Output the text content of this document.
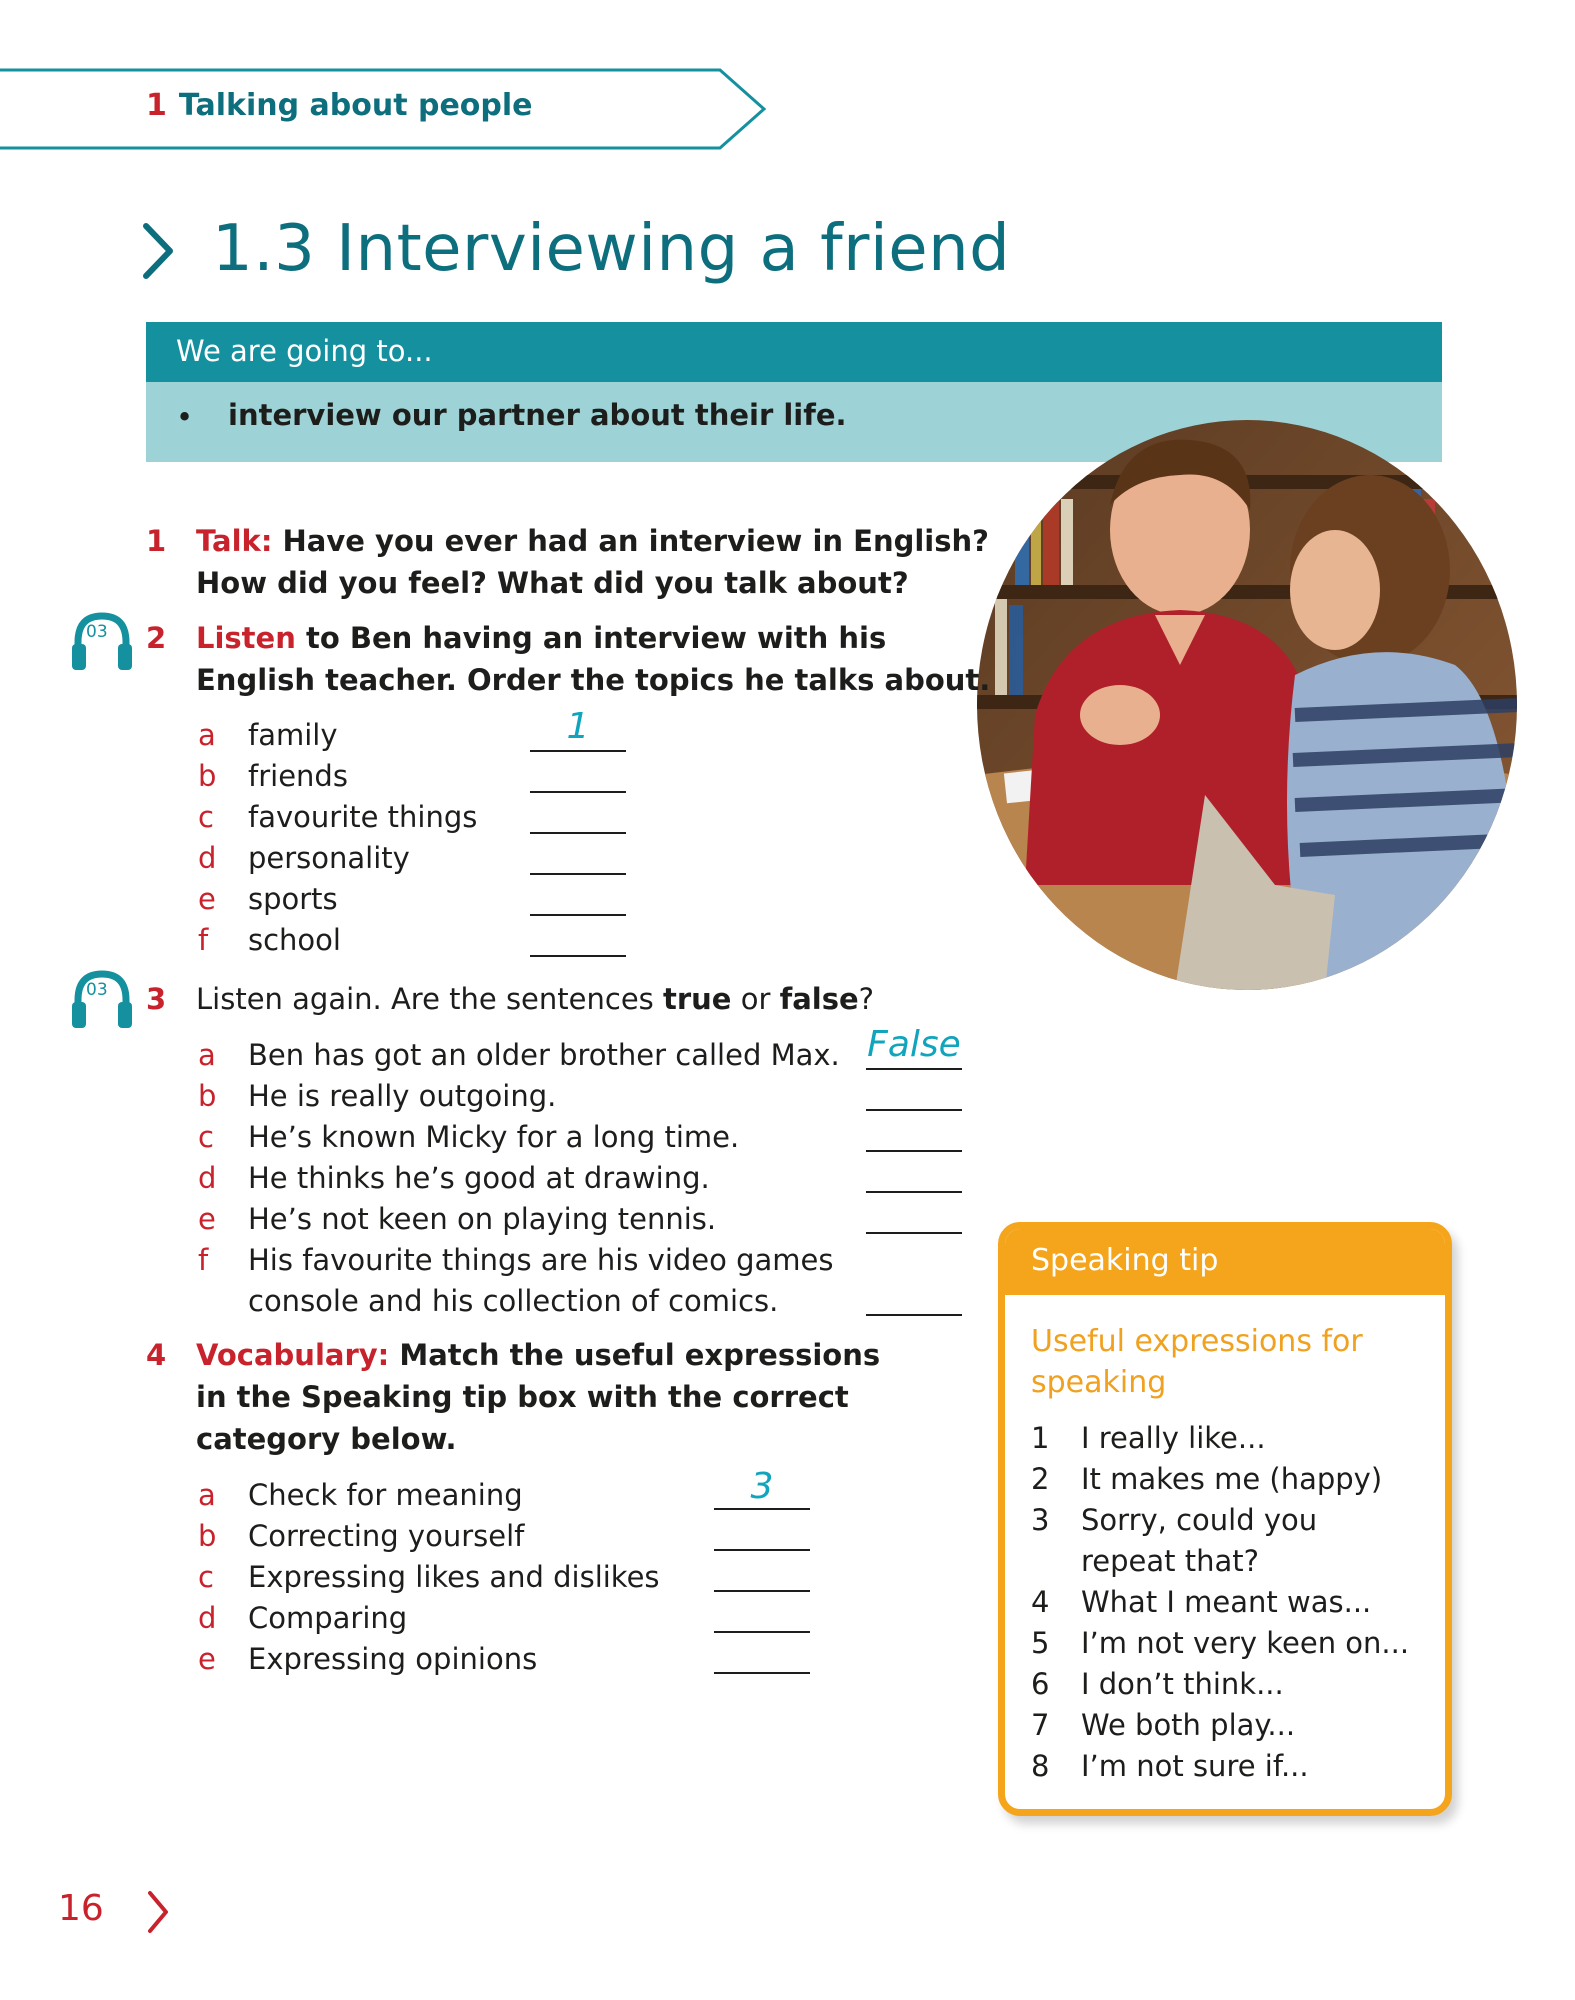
1 Talking about people
1.3 Interviewing a friend
We are going to...
• interview our partner about their life.
1 Talk: Have you ever had an interview in English?
How did you feel? What did you talk about?
03 2 Listen to Ben having an interview with his
English teacher. Order the topics he talks about.
a family	1
b friends
c favourite things
d personality
e sports
f school
03 3 Listen again. Are the sentences true or false?
a Ben has got an older brother called Max. False
b He is really outgoing.
c He’s known Micky for a long time.
d He thinks he’s good at drawing.
e He’s not keen on playing tennis.
f His favourite things are his video games
console and his collection of comics.
4 Vocabulary: Match the useful expressions
in the Speaking tip box with the correct
category below.
a Check for meaning	3
b Correcting yourself
c Expressing likes and dislikes
d Comparing
e Expressing opinions
Speaking tip
Useful expressions for speaking
1 I really like...
2 It makes me (happy)
3 Sorry, could you
repeat that?
4 What I meant was...
5 I’m not very keen on...
6 I don’t think...
7 We both play...
8 I’m not sure if...
16
